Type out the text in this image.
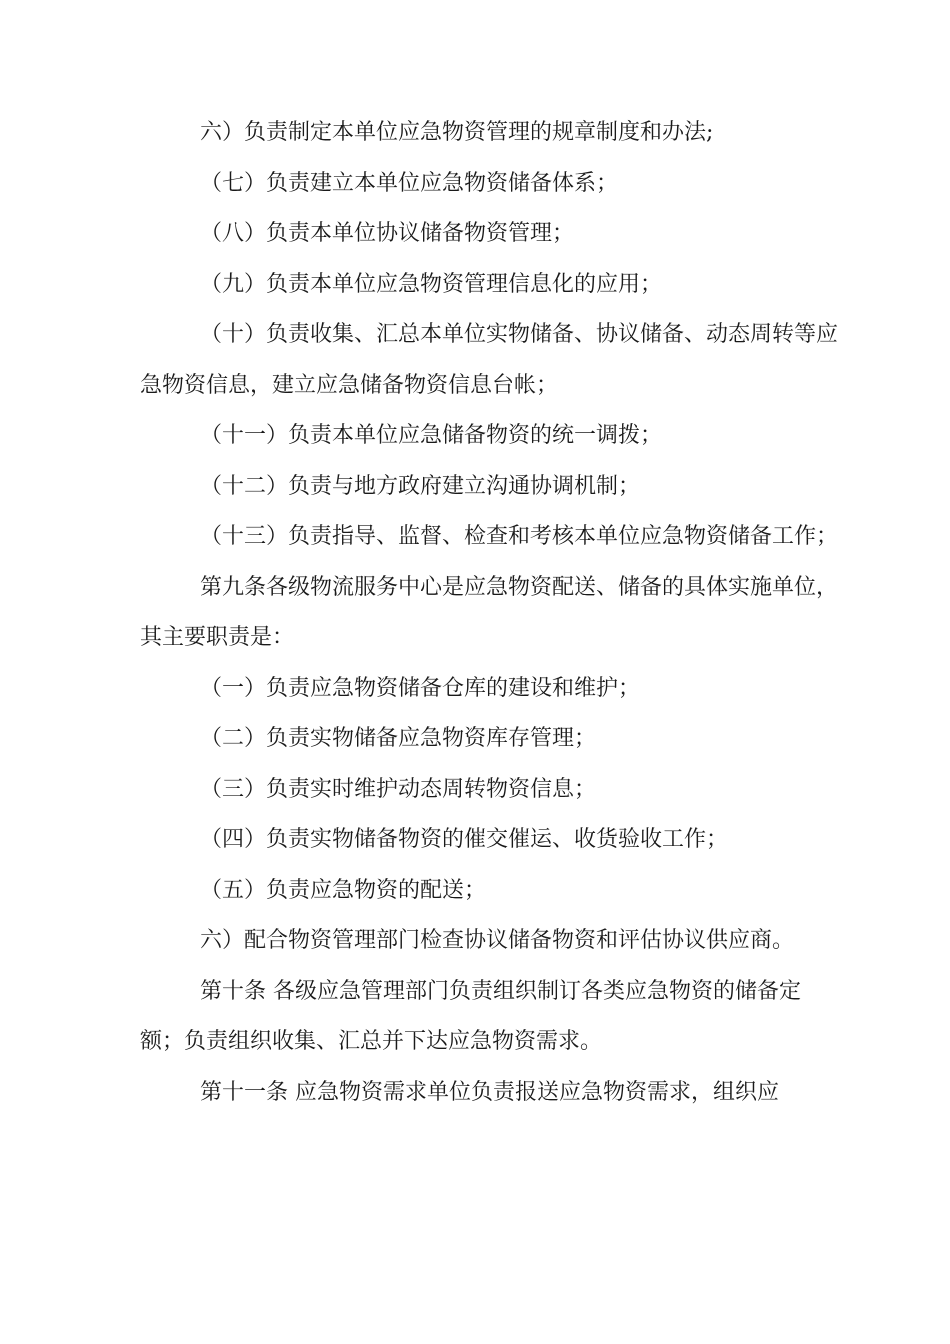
六）负责制定本单位应急物资管理的规章制度和办法;

（七）负责建立本单位应急物资储备体系；

（八）负责本单位协议储备物资管理；

（九）负责本单位应急物资管理信息化的应用；

（十）负责收集、汇总本单位实物储备、协议储备、动态周转等应急物资信息，建立应急储备物资信息台帐；

（十一）负责本单位应急储备物资的统一调拨；

（十二）负责与地方政府建立沟通协调机制；

（十三）负责指导、监督、检查和考核本单位应急物资储备工作；

第九条各级物流服务中心是应急物资配送、储备的具体实施单位，其主要职责是：

（一）负责应急物资储备仓库的建设和维护；

（二）负责实物储备应急物资库存管理；

（三）负责实时维护动态周转物资信息；

（四）负责实物储备物资的催交催运、收货验收工作；

（五）负责应急物资的配送；

六）配合物资管理部门检查协议储备物资和评估协议供应商。

第十条 各级应急管理部门负责组织制订各类应急物资的储备定额；负责组织收集、汇总并下达应急物资需求。

第十一条 应急物资需求单位负责报送应急物资需求，组织应
